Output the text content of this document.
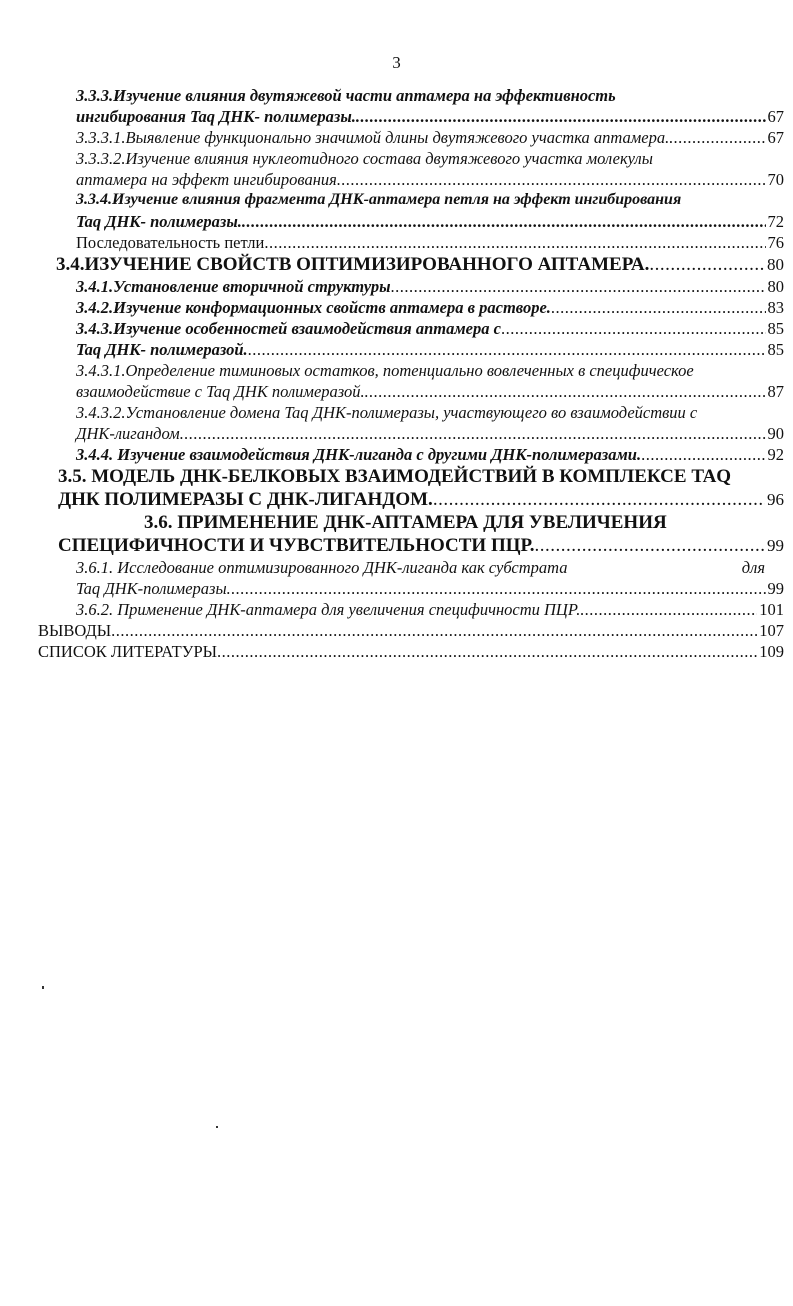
3
3.3.3.Изучение влияния двутяжевой части аптамера на эффективность
ингибирования Taq ДНК- полимеразы. .....	67
3.3.3.1.Выявление функционально значимой длины двутяжевого участка аптамера. .....	67
3.3.3.2.Изучение влияния нуклеотидного состава двутяжевого участка молекулы
аптамера на эффект ингибирования .....	70
3.3.4.Изучение влияния фрагмента ДНК-аптамера петля на эффект ингибирования
Taq ДНК- полимеразы. .....	72
Последовательность петли .....	76
3.4.ИЗУЧЕНИЕ СВОЙСТВ ОПТИМИЗИРОВАННОГО АПТАМЕРА. .....	80
3.4.1.Установление вторичной структуры .....	80
3.4.2.Изучение конформационных свойств аптамера в растворе. .....	83
3.4.3.Изучение особенностей взаимодействия аптамера с .....	85
Taq ДНК- полимеразой. .....	85
3.4.3.1.Определение тиминовых остатков, потенциально вовлеченных в специфическое
взаимодействие с Taq ДНК полимеразой. .....	87
3.4.3.2.Установление домена Taq ДНК-полимеразы, участвующего во взаимодействии с
ДНК-лигандом .....	90
3.4.4. Изучение взаимодействия ДНК-лиганда с другими ДНК-полимеразами. .....	92
3.5. МОДЕЛЬ ДНК-БЕЛКОВЫХ ВЗАИМОДЕЙСТВИЙ В КОМПЛЕКСЕ TAQ
ДНК ПОЛИМЕРАЗЫ С ДНК-ЛИГАНДОМ. .....	96
3.6. ПРИМЕНЕНИЕ ДНК-АПТАМЕРА ДЛЯ УВЕЛИЧЕНИЯ
СПЕЦИФИЧНОСТИ И ЧУВСТВИТЕЛЬНОСТИ ПЦР. .....	99
3.6.1. Исследование оптимизированного ДНК-лиганда как субстрата	для
Taq ДНК-полимеразы .....	99
3.6.2. Применение ДНК-аптамера для увеличения специфичности ПЦР. .....	101
ВЫВОДЫ .....	107
СПИСОК ЛИТЕРАТУРЫ .....	109
